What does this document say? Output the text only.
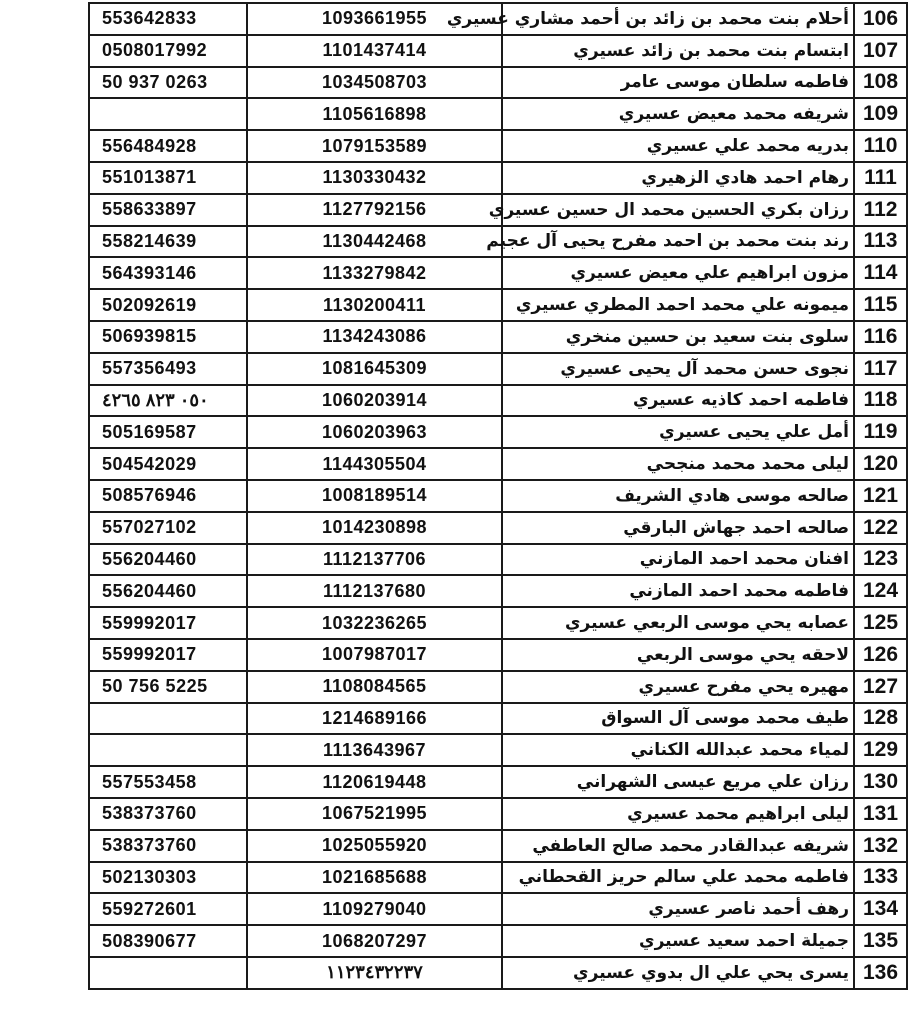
553642833	1093661955	أحلام بنت محمد بن زائد بن أحمد مشاري عسيري	106
0508017992	1101437414	ابتسام بنت محمد بن زائد عسيري	107
50 937 0263	1034508703	فاطمه سلطان موسى عامر	108
	1105616898	شريفه محمد معيض عسيري	109
556484928	1079153589	بدريه محمد علي عسيري	110
551013871	1130330432	رهام احمد هادي الزهيري	111
558633897	1127792156	رزان بكري الحسين محمد ال حسين عسيري	112
558214639	1130442468	رند بنت محمد بن احمد مفرح يحيى آل عجيم	113
564393146	1133279842	مزون ابراهيم علي معيض عسيري	114
502092619	1130200411	ميمونه علي محمد احمد المطري عسيري	115
506939815	1134243086	سلوى بنت سعيد بن حسين منخري	116
557356493	1081645309	نجوى حسن محمد آل يحيى عسيري	117
٠٥٠ ٨٢٣ ٤٢٦٥	1060203914	فاطمه احمد كاذيه عسيري	118
505169587	1060203963	أمل علي يحيى عسيري	119
504542029	1144305504	ليلى محمد محمد منجحي	120
508576946	1008189514	صالحه موسى هادي الشريف	121
557027102	1014230898	صالحه احمد جهاش البارقي	122
556204460	1112137706	افنان محمد احمد المازني	123
556204460	1112137680	فاطمه محمد احمد المازني	124
559992017	1032236265	عصابه يحي موسى الربعي عسيري	125
559992017	1007987017	لاحقه يحي موسى الربعي	126
50 756 5225	1108084565	مهيره يحي مفرح عسيري	127
	1214689166	طيف محمد موسى آل السواق	128
	1113643967	لمياء محمد عبدالله الكناني	129
557553458	1120619448	رزان علي مريع عيسى الشهراني	130
538373760	1067521995	ليلى ابراهيم محمد عسيري	131
538373760	1025055920	شريفه عبدالقادر محمد صالح العاطفي	132
502130303	1021685688	فاطمه محمد علي سالم حريز القحطاني	133
559272601	1109279040	رهف أحمد ناصر عسيري	134
508390677	1068207297	جميلة احمد سعيد عسيري	135
	١١٢٣٤٣٢٢٣٧	يسرى يحي علي ال بدوي عسيري	136
